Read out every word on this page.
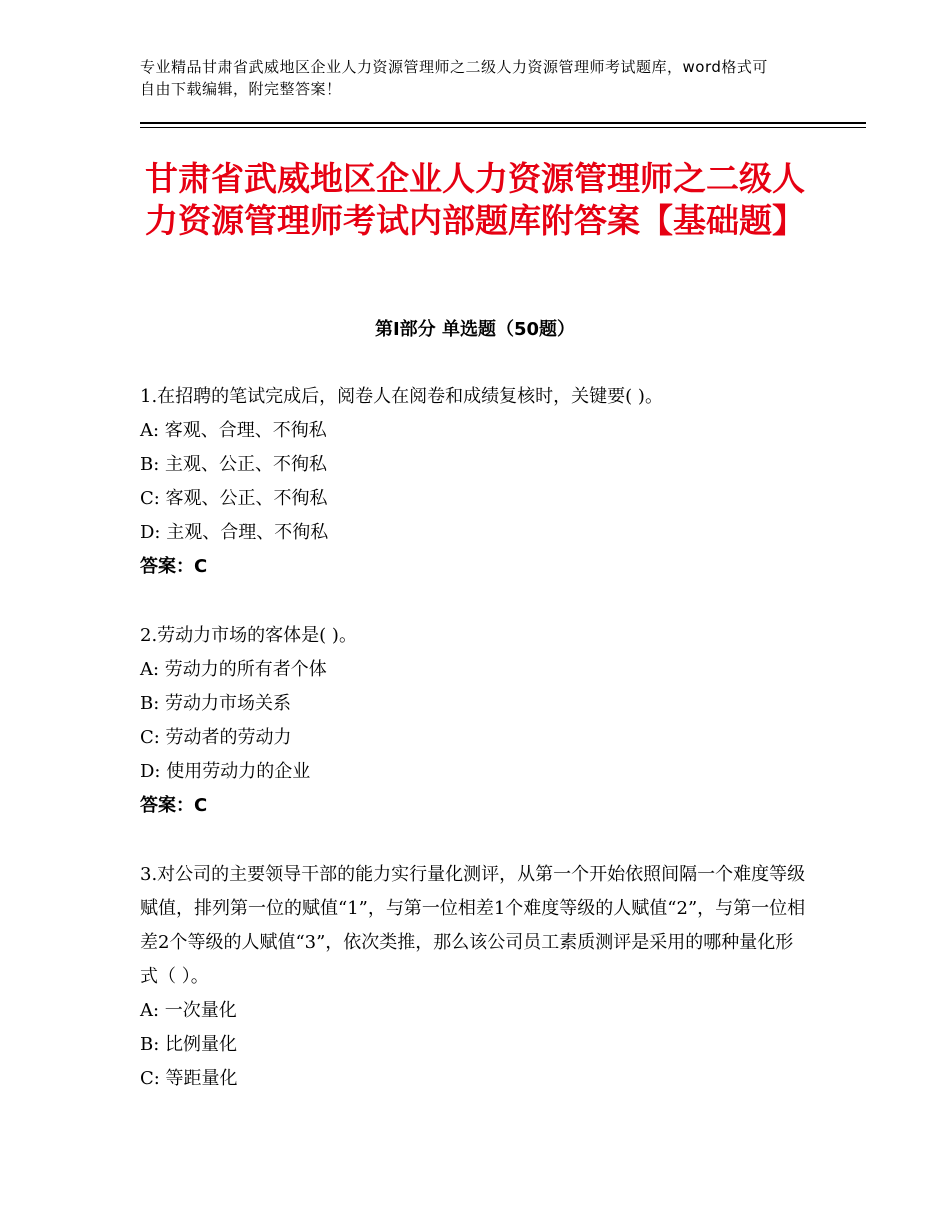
专业精品甘肃省武威地区企业人力资源管理师之二级人力资源管理师考试题库，word格式可自由下载编辑，附完整答案！
甘肃省武威地区企业人力资源管理师之二级人力资源管理师考试内部题库附答案【基础题】
第Ⅰ部分 单选题（50题）
1.在招聘的笔试完成后，阅卷人在阅卷和成绩复核时，关键要( )。
A: 客观、合理、不徇私
B: 主观、公正、不徇私
C: 客观、公正、不徇私
D: 主观、合理、不徇私
答案：C
2.劳动力市场的客体是( )。
A: 劳动力的所有者个体
B: 劳动力市场关系
C: 劳动者的劳动力
D: 使用劳动力的企业
答案：C
3.对公司的主要领导干部的能力实行量化测评，从第一个开始依照间隔一个难度等级赋值，排列第一位的赋值“1”，与第一位相差1个难度等级的人赋值“2”，与第一位相差2个等级的人赋值“3”，依次类推，那么该公司员工素质测评是采用的哪种量化形式（ ）。
A: 一次量化
B: 比例量化
C: 等距量化
